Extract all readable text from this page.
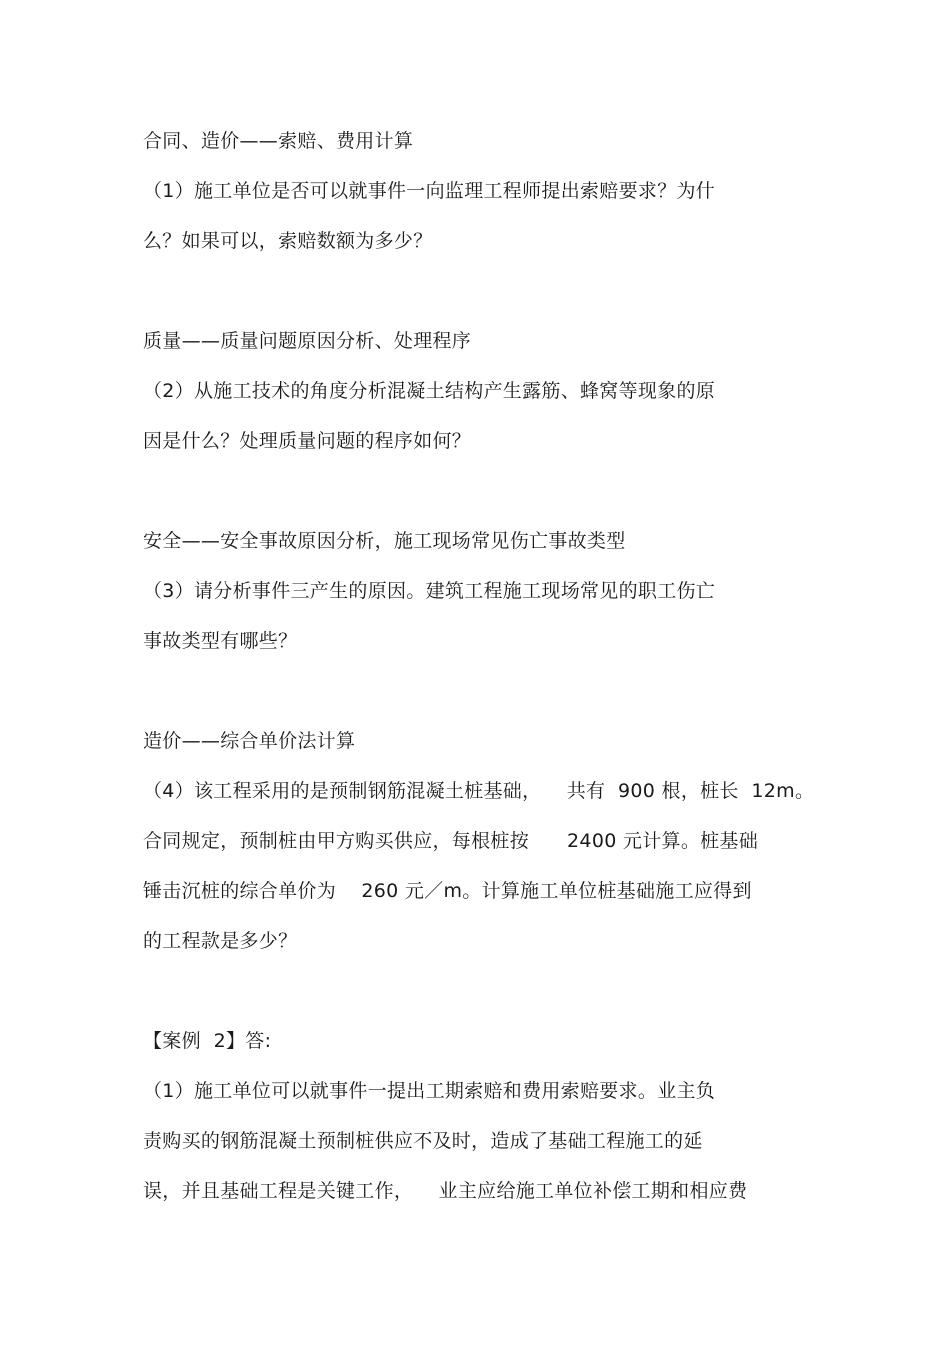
合同、造价——索赔、费用计算
（1）施工单位是否可以就事件一向监理工程师提出索赔要求？为什
么？如果可以，索赔数额为多少？
质量——质量问题原因分析、处理程序
（2）从施工技术的角度分析混凝土结构产生露筋、蜂窝等现象的原
因是什么？处理质量问题的程序如何？
安全——安全事故原因分析，施工现场常见伤亡事故类型
（3）请分析事件三产生的原因。建筑工程施工现场常见的职工伤亡
事故类型有哪些？
造价——综合单价法计算
（4）该工程采用的是预制钢筋混凝土桩基础，    共有  900 根，桩长  12m。
合同规定，预制桩由甲方购买供应，每根桩按      2400 元计算。桩基础
锤击沉桩的综合单价为    260 元／m。计算施工单位桩基础施工应得到
的工程款是多少？
【案例  2】答:
（1）施工单位可以就事件一提出工期索赔和费用索赔要求。业主负
责购买的钢筋混凝土预制桩供应不及时，造成了基础工程施工的延
误，并且基础工程是关键工作，    业主应给施工单位补偿工期和相应费
